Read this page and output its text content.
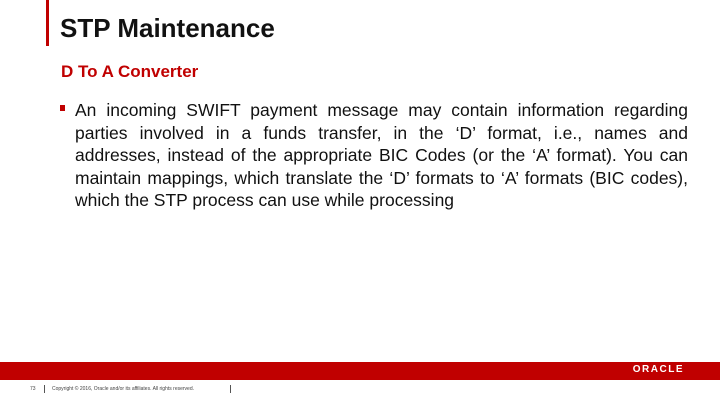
STP Maintenance
D To A Converter

An incoming SWIFT payment message may contain information regarding parties involved in a funds transfer, in the ‘D’ format, i.e., names and addresses, instead of the appropriate BIC Codes (or the ‘A’ format). You can maintain mappings, which translate the ‘D’ formats to ‘A’ formats (BIC codes), which the STP process can use while processing

ORACLE
73	Copyright © 2016, Oracle and/or its affiliates. All rights reserved.
